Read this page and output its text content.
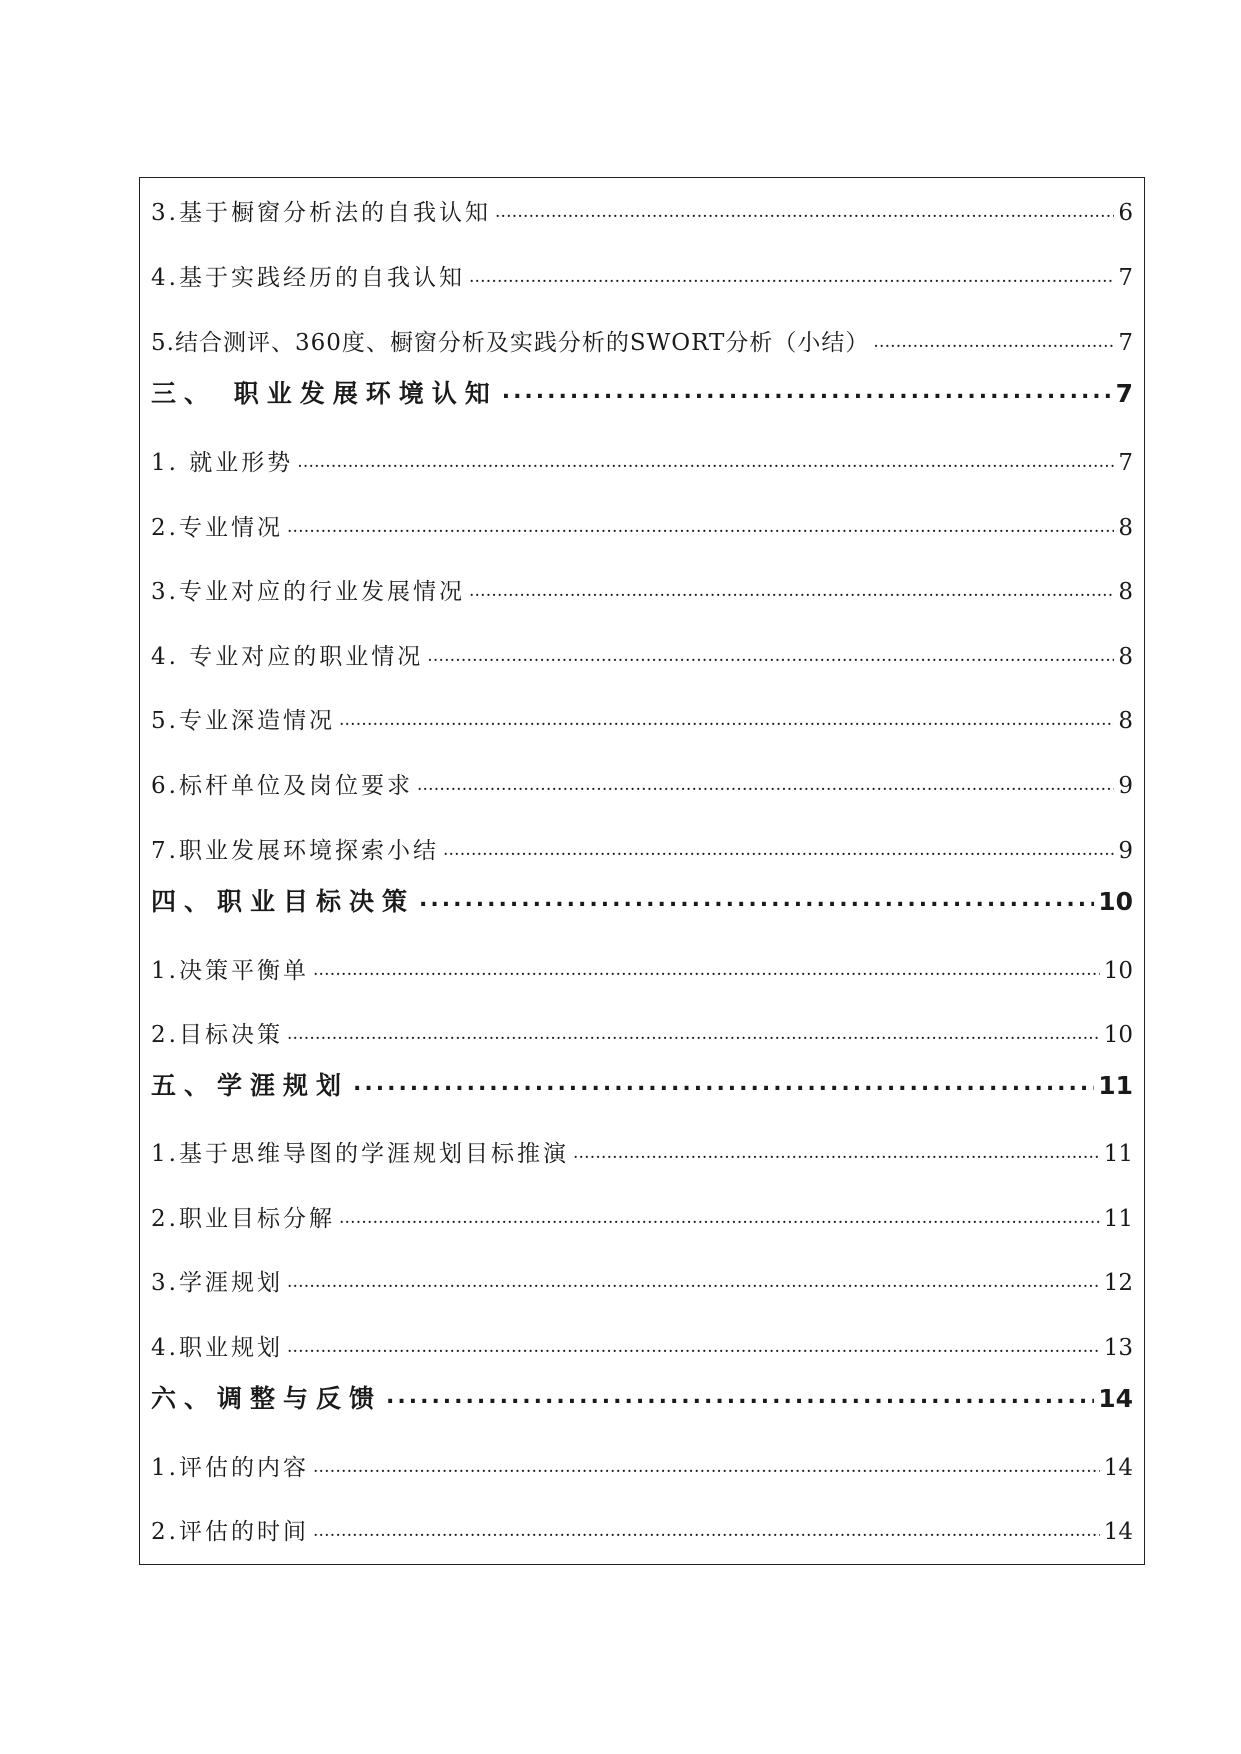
3.基于橱窗分析法的自我认知 .....	6
4.基于实践经历的自我认知 .....	7
5.结合测评、360度、橱窗分析及实践分析的SWORT分析（小结） .....	7
三、 职业发展环境认知 .....	7
1. 就业形势 .....	7
2.专业情况 .....	8
3.专业对应的行业发展情况 .....	8
4. 专业对应的职业情况 .....	8
5.专业深造情况 .....	8
6.标杆单位及岗位要求 .....	9
7.职业发展环境探索小结 .....	9
四、职业目标决策 .....	10
1.决策平衡单 .....	10
2.目标决策 .....	10
五、学涯规划 .....	11
1.基于思维导图的学涯规划目标推演 .....	11
2.职业目标分解 .....	11
3.学涯规划 .....	12
4.职业规划 .....	13
六、调整与反馈 .....	14
1.评估的内容 .....	14
2.评估的时间 .....	14
